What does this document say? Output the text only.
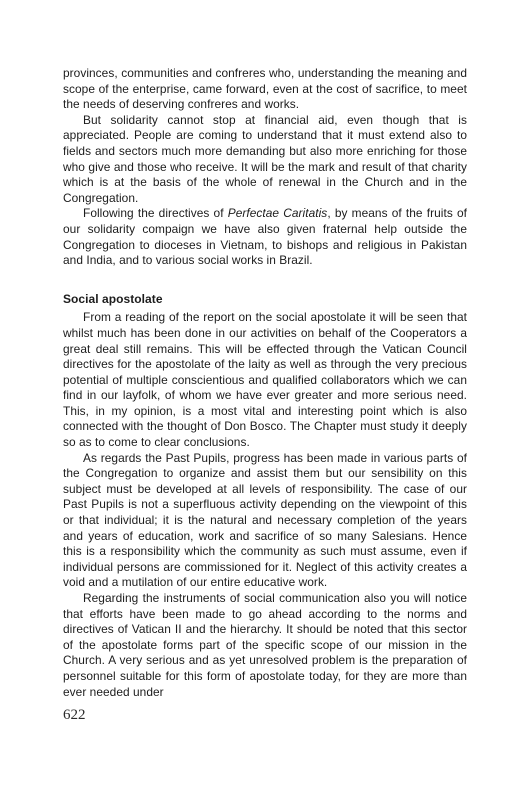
provinces, communities and confreres who, understanding the meaning and scope of the enterprise, came forward, even at the cost of sacrifice, to meet the needs of deserving confreres and works.

But solidarity cannot stop at financial aid, even though that is appreciated. People are coming to understand that it must extend also to fields and sectors much more demanding but also more enriching for those who give and those who receive. It will be the mark and result of that charity which is at the basis of the whole of renewal in the Church and in the Congregation.

Following the directives of Perfectae Caritatis, by means of the fruits of our solidarity compaign we have also given fraternal help outside the Congregation to dioceses in Vietnam, to bishops and religious in Pakistan and India, and to various social works in Brazil.

Social apostolate

From a reading of the report on the social apostolate it will be seen that whilst much has been done in our activities on behalf of the Cooperators a great deal still remains. This will be effected through the Vatican Council directives for the apostolate of the laity as well as through the very precious potential of multiple conscientious and qualified collaborators which we can find in our layfolk, of whom we have ever greater and more serious need. This, in my opinion, is a most vital and interesting point which is also connected with the thought of Don Bosco. The Chapter must study it deeply so as to come to clear conclusions.

As regards the Past Pupils, progress has been made in various parts of the Congregation to organize and assist them but our sensibility on this subject must be developed at all levels of responsibility. The case of our Past Pupils is not a superfluous activity depending on the viewpoint of this or that individual; it is the natural and necessary completion of the years and years of education, work and sacrifice of so many Salesians. Hence this is a responsibility which the community as such must assume, even if individual persons are commissioned for it. Neglect of this activity creates a void and a mutilation of our entire educative work.

Regarding the instruments of social communication also you will notice that efforts have been made to go ahead according to the norms and directives of Vatican II and the hierarchy. It should be noted that this sector of the apostolate forms part of the specific scope of our mission in the Church. A very serious and as yet unresolved problem is the preparation of personnel suitable for this form of apostolate today, for they are more than ever needed under

622
